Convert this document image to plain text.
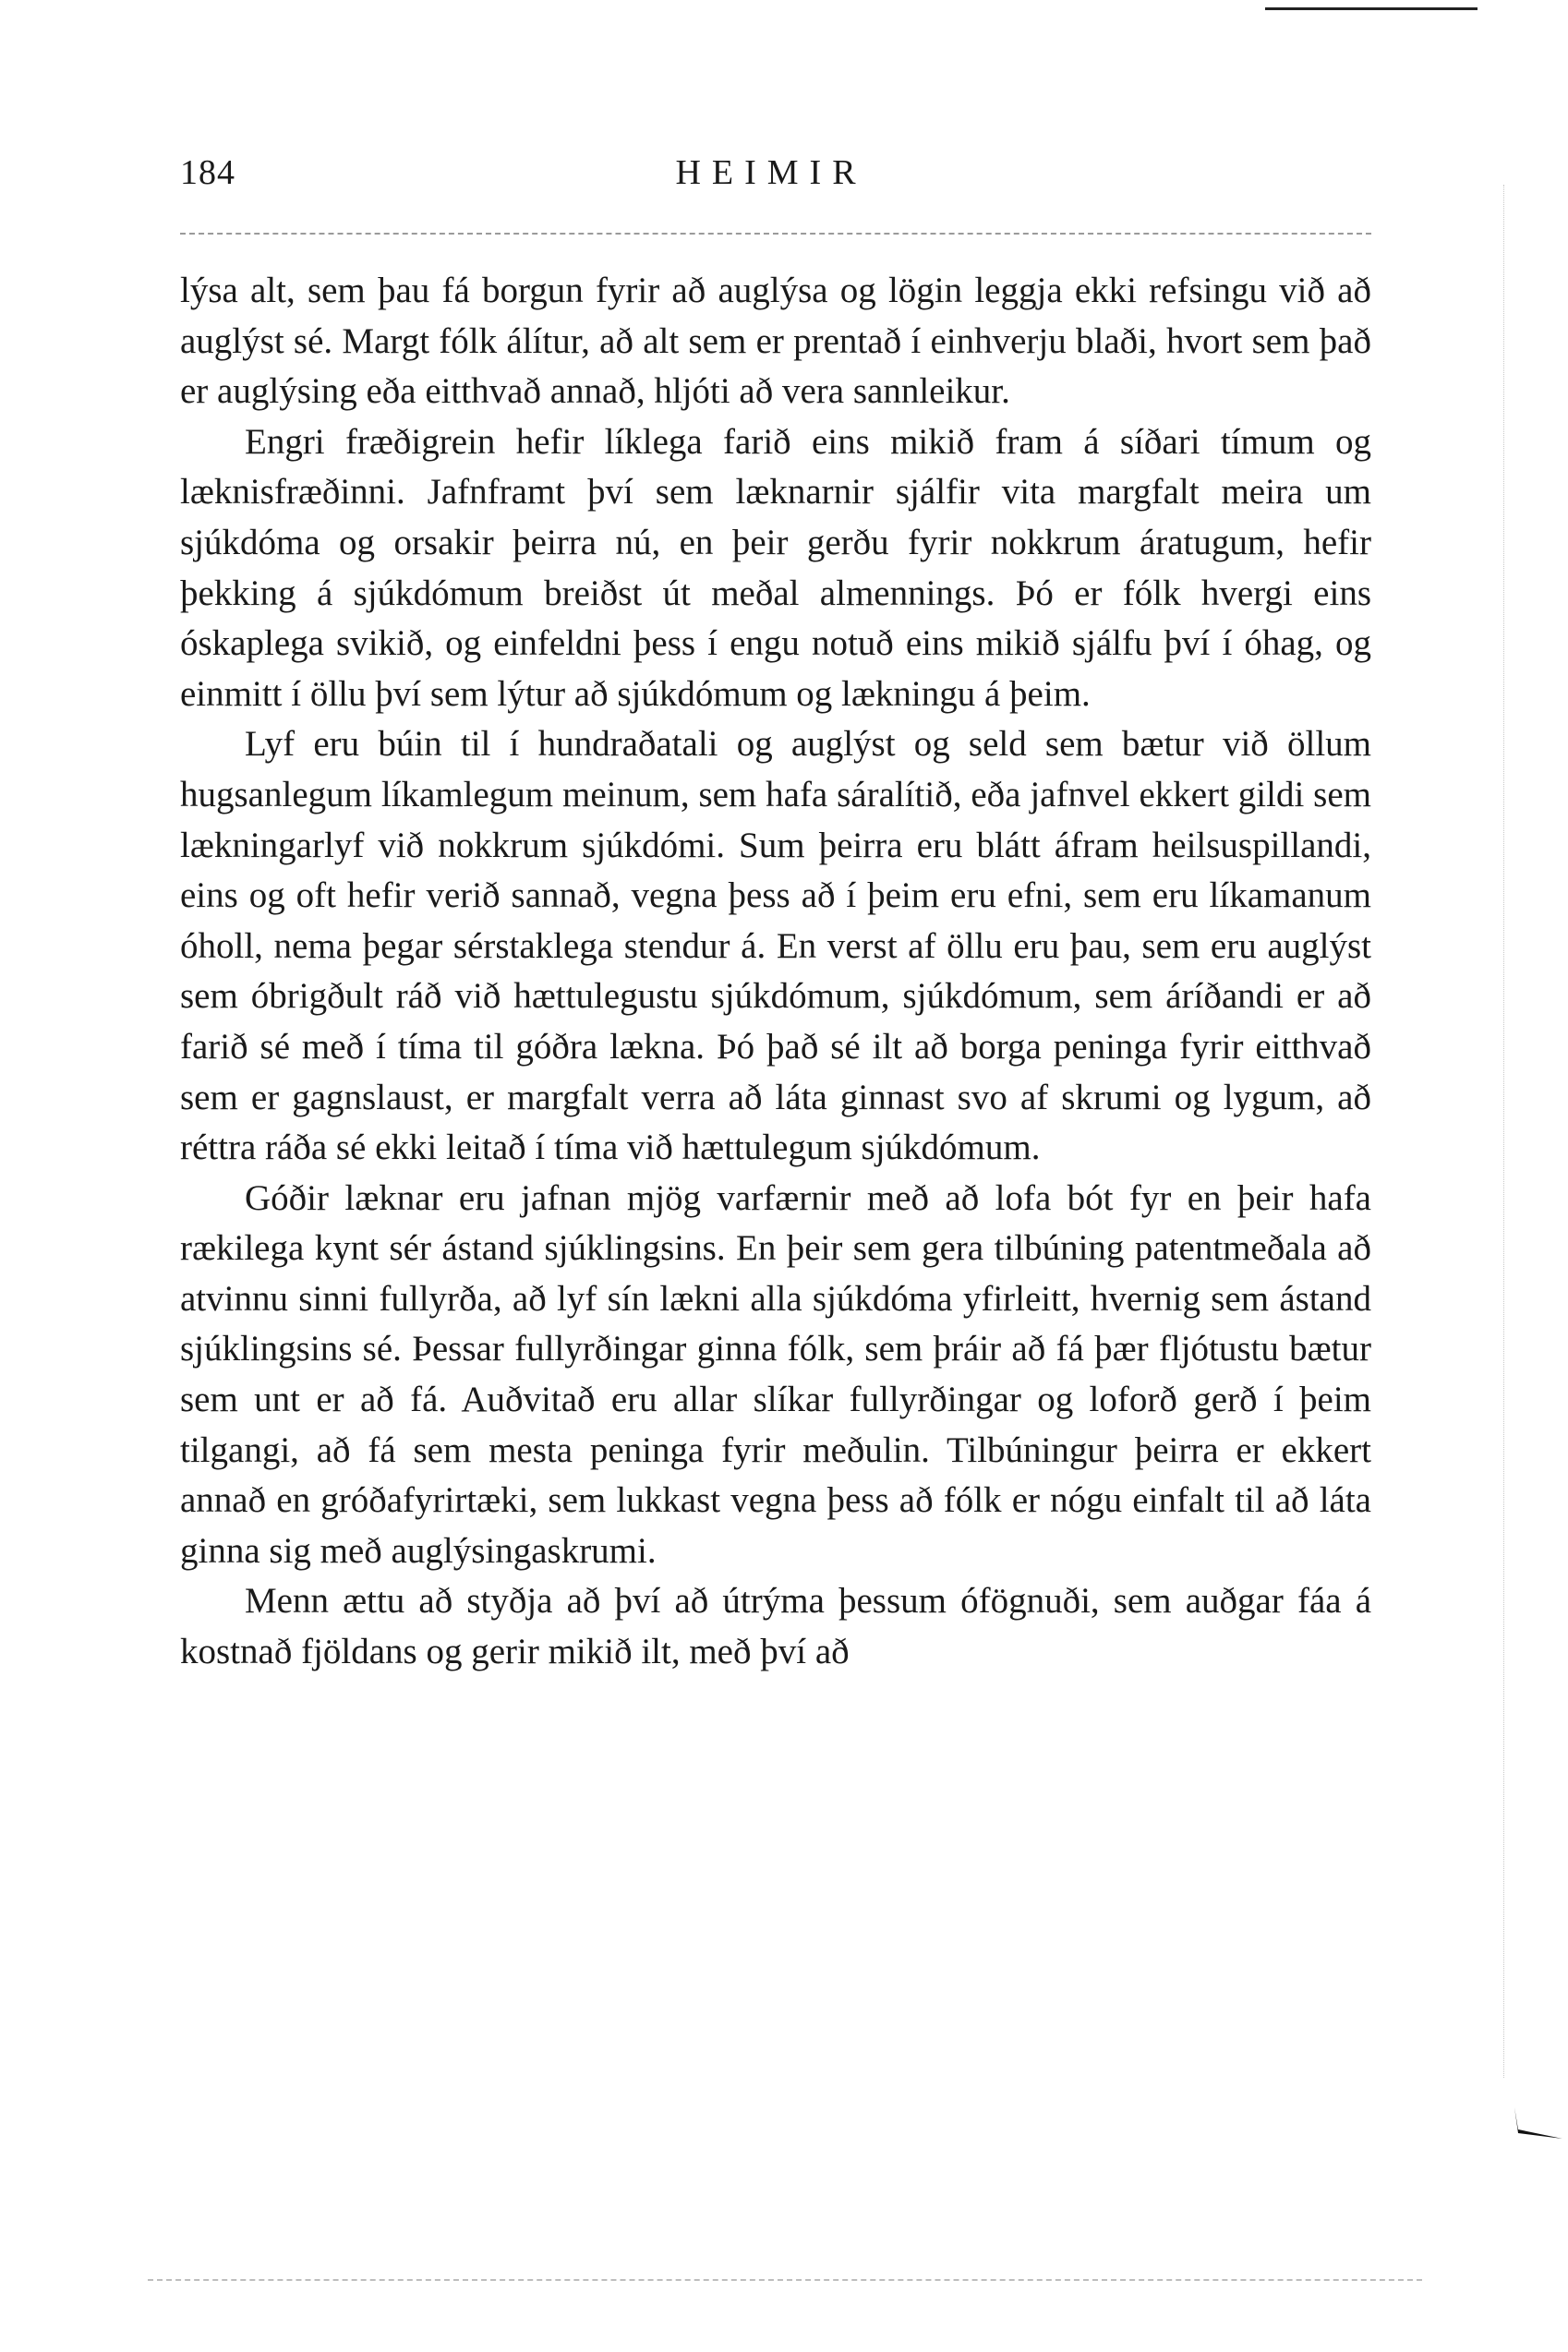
184	HEIMIR

lýsa alt, sem þau fá borgun fyrir að auglýsa og lögin leggja ekki refsingu við að auglýst sé. Margt fólk álítur, að alt sem er prentað í einhverju blaði, hvort sem það er auglýsing eða eitthvað annað, hljóti að vera sannleikur.

Engri fræðigrein hefir líklega farið eins mikið fram á síðari tímum og læknisfræðinni. Jafnframt því sem læknarnir sjálfir vita margfalt meira um sjúkdóma og orsakir þeirra nú, en þeir gerðu fyrir nokkrum áratugum, hefir þekking á sjúkdómum breiðst út meðal almennings. Þó er fólk hvergi eins óskaplega svikið, og einfeldni þess í engu notuð eins mikið sjálfu því í óhag, og einmitt í öllu því sem lýtur að sjúkdómum og lækningu á þeim.

Lyf eru búin til í hundraðatali og auglýst og seld sem bætur við öllum hugsanlegum líkamlegum meinum, sem hafa sáralítið, eða jafnvel ekkert gildi sem lækningarlyf við nokkrum sjúkdómi. Sum þeirra eru blátt áfram heilsuspillandi, eins og oft hefir verið sannað, vegna þess að í þeim eru efni, sem eru líkamanum óholl, nema þegar sérstaklega stendur á. En verst af öllu eru þau, sem eru auglýst sem óbrigðult ráð við hættulegustu sjúkdómum, sjúkdómum, sem áríðandi er að farið sé með í tíma til góðra lækna. Þó það sé ilt að borga peninga fyrir eitthvað sem er gagnslaust, er margfalt verra að láta ginnast svo af skrumi og lygum, að réttra ráða sé ekki leitað í tíma við hættulegum sjúkdómum.

Góðir læknar eru jafnan mjög varfærnir með að lofa bót fyr en þeir hafa rækilega kynt sér ástand sjúklingsins. En þeir sem gera tilbúning patentmeðala að atvinnu sinni fullyrða, að lyf sín lækni alla sjúkdóma yfirleitt, hvernig sem ástand sjúklingsins sé. Þessar fullyrðingar ginna fólk, sem þráir að fá þær fljótustu bætur sem unt er að fá. Auðvitað eru allar slíkar fullyrðingar og loforð gerð í þeim tilgangi, að fá sem mesta peninga fyrir meðulin. Tilbúningur þeirra er ekkert annað en gróðafyrirtæki, sem lukkast vegna þess að fólk er nógu einfalt til að láta ginna sig með auglýsingaskrumi.

Menn ættu að styðja að því að útrýma þessum ófögnuði, sem auðgar fáa á kostnað fjöldans og gerir mikið ilt, með því að
